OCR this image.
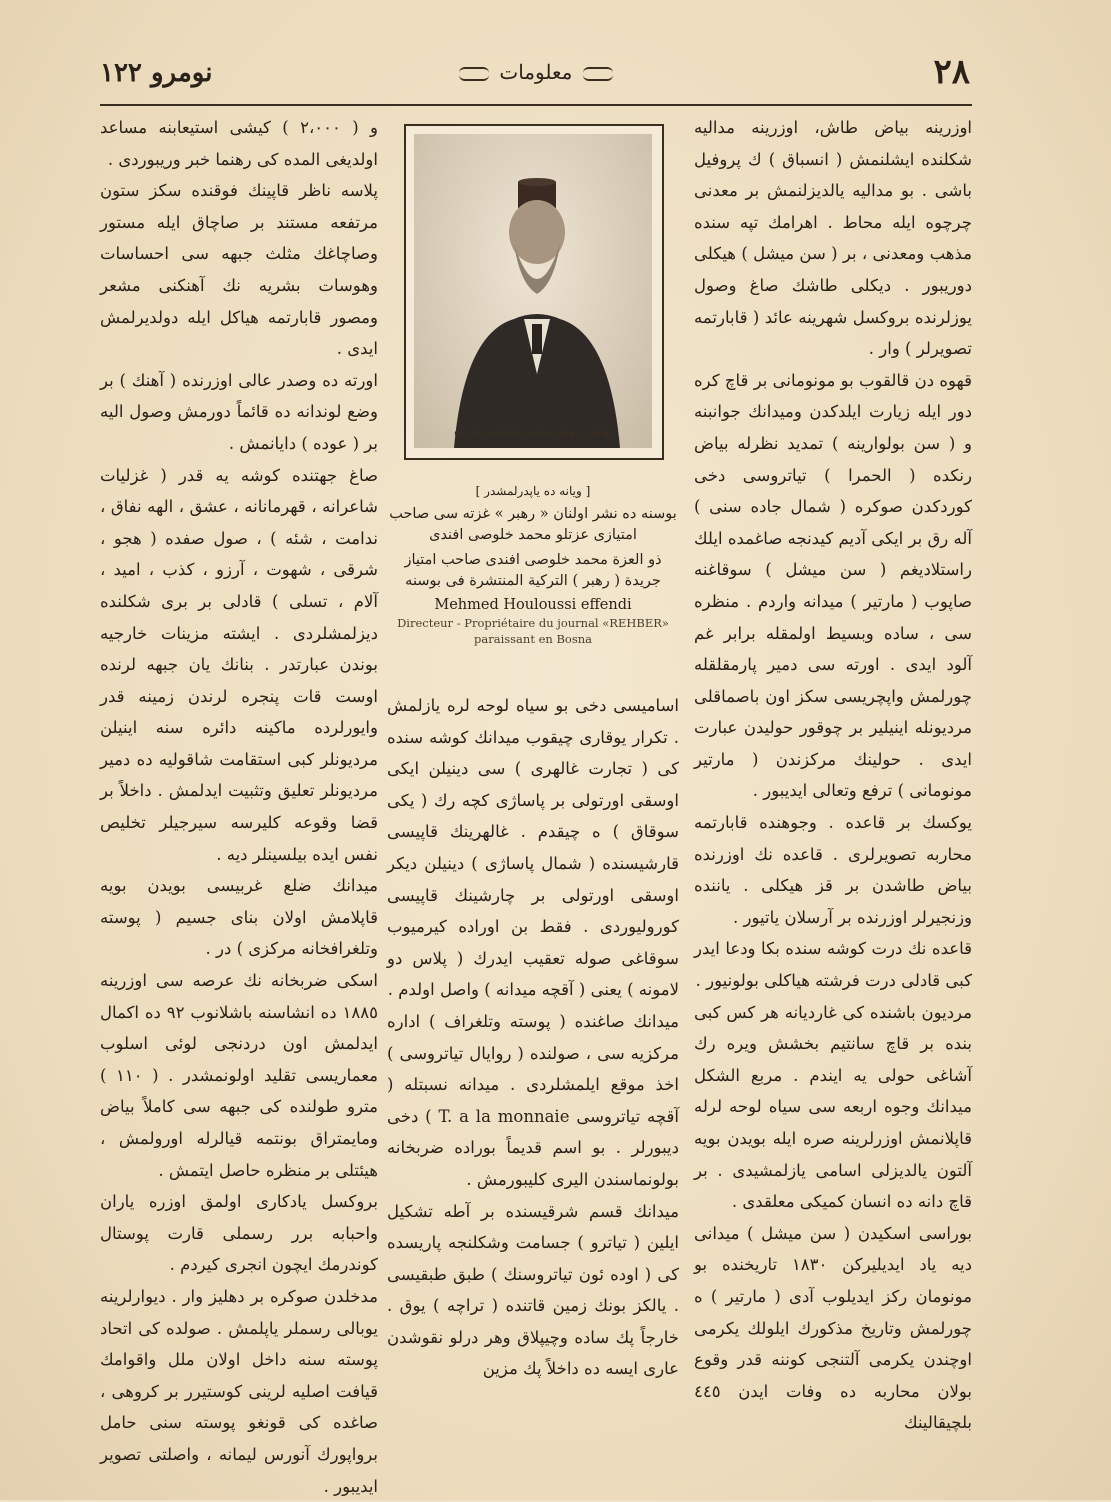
٢٨
معلومات
نومرو ١٢٢

اوزرینه بیاض طاش، اوزرینه مدالیه شکلنده ایشلنمش ( انسباق ) ك پروفیل باشی . بو مدالیه یالدیزلنمش بر معدنی چرچوه ایله محاط . اهرامك تپه سنده مذهب ومعدنی ، بر ( سن میشل ) هیکلی دوریبور . دیکلی طاشك صاغ وصول یوزلرنده بروکسل شهرینه عائد ( قابارتمه تصویرلر ) وار .

قهوه دن قالقوب بو مونومانی بر قاچ کره دور ایله زیارت ایلدکدن ومیدانك جوانبنه و ( سن بولوارینه ) تمدید نظرله بیاض رنکده ( الحمرا ) تیاتروسی دخی کوردکدن صوکره ( شمال جاده سنی ) آله رق بر ایکی آدیم کیدنجه صاغمده ایلك راستلادیغم ( سن میشل ) سوقاغنه صاپوب ( مارتیر ) میدانه واردم . منظره سی ، ساده وبسیط اولمقله برابر غم آلود ایدی . اورته سی دمیر پارمقلقله چورلمش واپچریسی سکز اون باصماقلی مردیونله اینیلیر بر چوقور حولیدن عبارت ایدی . حولینك مرکزندن ( مارتیر مونومانی ) ترفع وتعالی ایدیبور .

یوکسك بر قاعده . وجوهنده قابارتمه محاربه تصویرلری . قاعده نك اوزرنده بیاض طاشدن بر قز هیکلی . یاننده وزنجیرلر اوزرنده بر آرسلان یاتیور .

قاعده نك درت کوشه سنده بکا ودعا ایدر کبی قادلی درت فرشته هیاکلی بولونیور .

مردیون باشنده کی غاردیانه هر کس کبی بنده بر قاچ سانتیم بخشش ویره رك آشاغی حولی یه ایندم . مربع الشکل میدانك وجوه اربعه سی سیاه لوحه لرله قاپلانمش اوزرلرینه صره ایله بویدن بویه آلتون یالدیزلی اسامی یازلمشیدی . بر قاچ دانه ده انسان کمیکی معلقدی .

بوراسی اسکیدن ( سن میشل ) میدانی دیه یاد ایدیلیرکن ١٨٣٠ تاریخنده بو مونومان رکز ایدیلوب آدی ( مارتیر ) ه چورلمش وتاریخ مذکورك ایلولك یکرمی اوچندن یکرمی آلتنجی کوننه قدر وقوع بولان محاربه ده وفات ایدن ٤٤٥ بلچیقالینك

بهجه بربهجه صاحبه امضاسه دکرده
[ ویانه ده یاپدرلمشدر ]
بوسنه ده نشر اولنان « رهبر » غزته سی صاحب امتیازی عزتلو محمد خلوصی افندی
ذو العزة محمد خلوصی افندی صاحب امتیاز جریدة ( رهبر ) الترکیة المنتشرة فی بوسنه
Mehmed Houloussi effendi
Directeur - Propriétaire du journal «REHBER»
paraissant en Bosna

اسامیسی دخی بو سیاه لوحه لره یازلمش . تکرار یوقاری چیقوب میدانك کوشه سنده کی ( تجارت غالهری ) سی دینیلن ایکی اوسقی اورتولی بر پاساژی کچه رك ( یکی سوقاق ) ه چیقدم . غالهرینك قاپیسی قارشیسنده ( شمال پاساژی ) دینیلن دیکر اوسقی اورتولی بر چارشینك قاپیسی کورولیوردی . فقط بن اوراده کیرمیوب سوقاغی صوله تعقیب ایدرك ( پلاس دو لامونه ) یعنی ( آقچه میدانه ) واصل اولدم .

میدانك صاغنده ( پوسته وتلغراف ) اداره مرکزیه سی ، صولنده ( روایال تیاتروسی ) اخذ موقع ایلمشلردی . میدانه نسبتله ( آقچه تیاتروسی T. a la monnaie ) دخی دیبورلر . بو اسم قدیماً بوراده ضربخانه بولونماسندن الیری کلیبورمش .

میدانك قسم شرقیسنده بر آطه تشکیل ایلین ( تیاترو ) جسامت وشکلنجه پاریسده کی ( اوده ئون تیاتروسنك ) طبق طبقیسی . یالکز بونك زمین قاتنده ( تراچه ) یوق . خارجاً پك ساده وچیپلاق وهر درلو نقوشدن عاری ایسه ده داخلاً پك مزین

و ( ٢،٠٠٠ ) کیشی استیعابنه مساعد اولدیغی المده کی رهنما خبر وریبوردی .

پلاسه ناظر قاپینك فوقنده سکز ستون مرتفعه مستند بر صاچاق ایله مستور وصاچاغك مثلث جبهه سی احساسات وهوسات بشریه نك آهنکنی مشعر ومصور قابارتمه هیاکل ایله دولدیرلمش ایدی .

اورته ده وصدر عالی اوزرنده ( آهنك ) بر وضع لوندانه ده قائماً دورمش وصول الیه بر ( عوده ) دایانمش .

صاغ جهتنده کوشه یه قدر ( غزلیات شاعرانه ، قهرمانانه ، عشق ، الهه نفاق ، ندامت ، شئه ) ، صول صفده ( هجو ، شرقی ، شهوت ، آرزو ، کذب ، امید ، آلام ، تسلی ) قادلی بر بری شکلنده دیزلمشلردی . ایشته مزینات خارجیه بوندن عبارتدر . بنانك یان جبهه لرنده اوست قات پنجره لرندن زمینه قدر وایورلرده ماکینه دائره سنه اینیلن مردیونلر کبی استقامت شاقولیه ده دمیر مردیونلر تعلیق وتثبیت ایدلمش . داخلاً بر قضا وقوعه کلیرسه سیرجیلر تخلیص نفس ایده بیلسینلر دیه .

میدانك ضلع غربیسی بویدن بویه قاپلامش اولان بنای جسیم ( پوسته وتلغرافخانه مرکزی ) در .

اسکی ضربخانه نك عرصه سی اوزرینه ١٨٨٥ ده انشاسنه باشلانوب ٩٢ ده اکمال ایدلمش اون دردنجی لوئی اسلوب معماریسی تقلید اولونمشدر . ( ١١٠ ) مترو طولنده کی جبهه سی کاملاً بیاض ومایمتراق بونتمه قیالرله اورولمش ، هیئتلی بر منظره حاصل ایتمش .

بروکسل یادکاری اولمق اوزره یاران واحبابه برر رسملی قارت پوستال کوندرمك ایچون انجری کیردم .

مدخلدن صوکره بر دهلیز وار . دیوارلرینه یوبالی رسملر یاپلمش . صولده کی اتحاد پوسته سنه داخل اولان ملل واقوامك قیافت اصلیه لرینی کوستیرر بر کروهی ، صاغده کی قونغو پوسته سنی حامل برواپورك آنورس لیمانه ، واصلتی تصویر ایدیبور .
